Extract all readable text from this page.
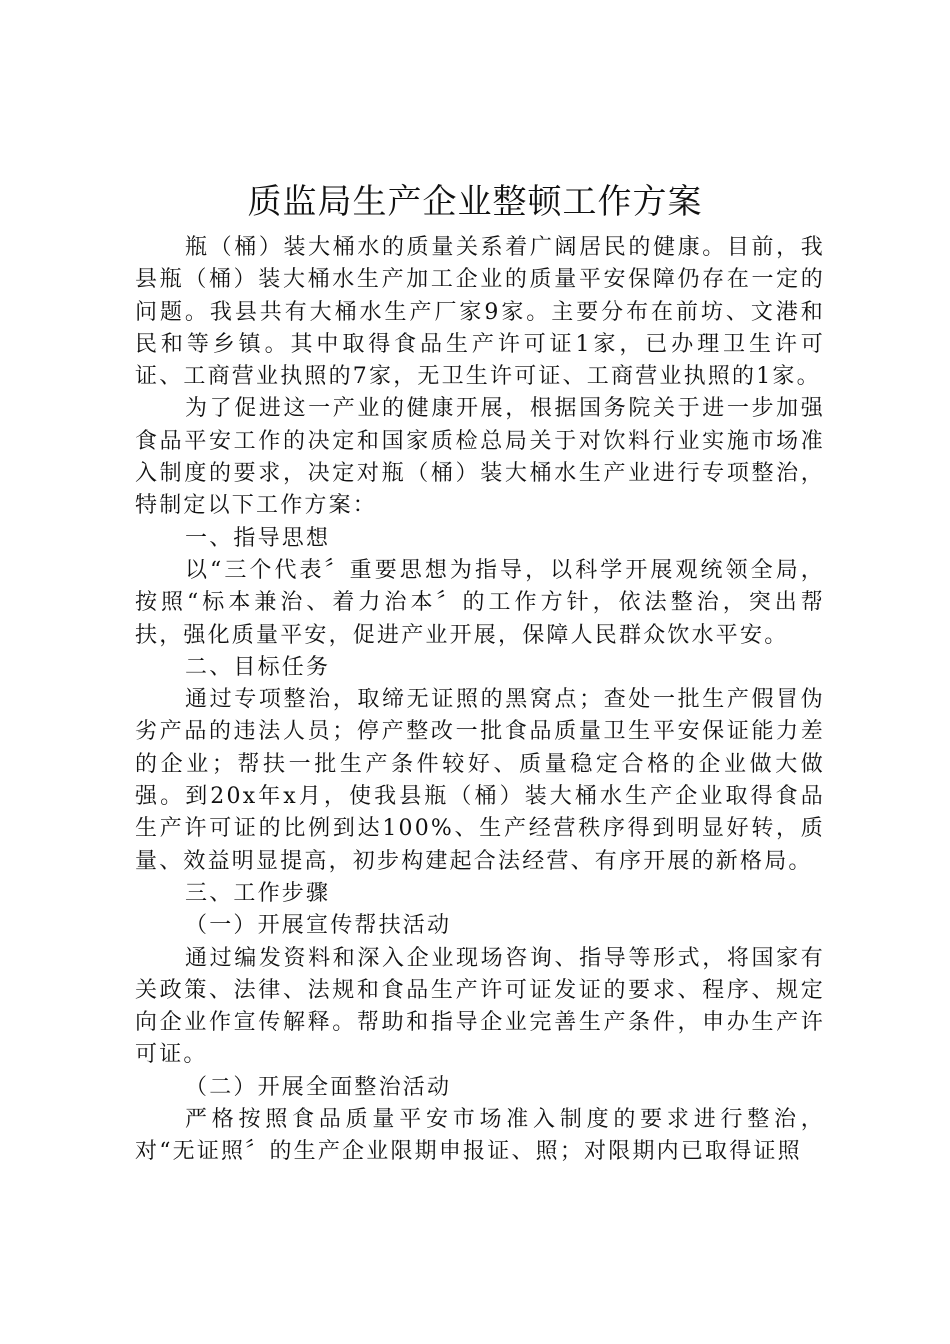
质监局生产企业整顿工作方案

瓶（桶）装大桶水的质量关系着广阔居民的健康。目前，我县瓶（桶）装大桶水生产加工企业的质量平安保障仍存在一定的问题。我县共有大桶水生产厂家9家。主要分布在前坊、文港和民和等乡镇。其中取得食品生产许可证1家，已办理卫生许可证、工商营业执照的7家，无卫生许可证、工商营业执照的1家。

为了促进这一产业的健康开展，根据国务院关于进一步加强食品平安工作的决定和国家质检总局关于对饮料行业实施市场准入制度的要求，决定对瓶（桶）装大桶水生产业进行专项整治，特制定以下工作方案：

一、指导思想

以“三个代表〞重要思想为指导，以科学开展观统领全局，按照“标本兼治、着力治本〞的工作方针，依法整治，突出帮扶，强化质量平安，促进产业开展，保障人民群众饮水平安。

二、目标任务

通过专项整治，取缔无证照的黑窝点；查处一批生产假冒伪劣产品的违法人员；停产整改一批食品质量卫生平安保证能力差的企业；帮扶一批生产条件较好、质量稳定合格的企业做大做强。到20x年x月，使我县瓶（桶）装大桶水生产企业取得食品生产许可证的比例到达100%、生产经营秩序得到明显好转，质量、效益明显提高，初步构建起合法经营、有序开展的新格局。

三、工作步骤

（一）开展宣传帮扶活动

通过编发资料和深入企业现场咨询、指导等形式，将国家有关政策、法律、法规和食品生产许可证发证的要求、程序、规定向企业作宣传解释。帮助和指导企业完善生产条件，申办生产许可证。

（二）开展全面整治活动

严格按照食品质量平安市场准入制度的要求进行整治，对“无证照〞的生产企业限期申报证、照；对限期内已取得证照
